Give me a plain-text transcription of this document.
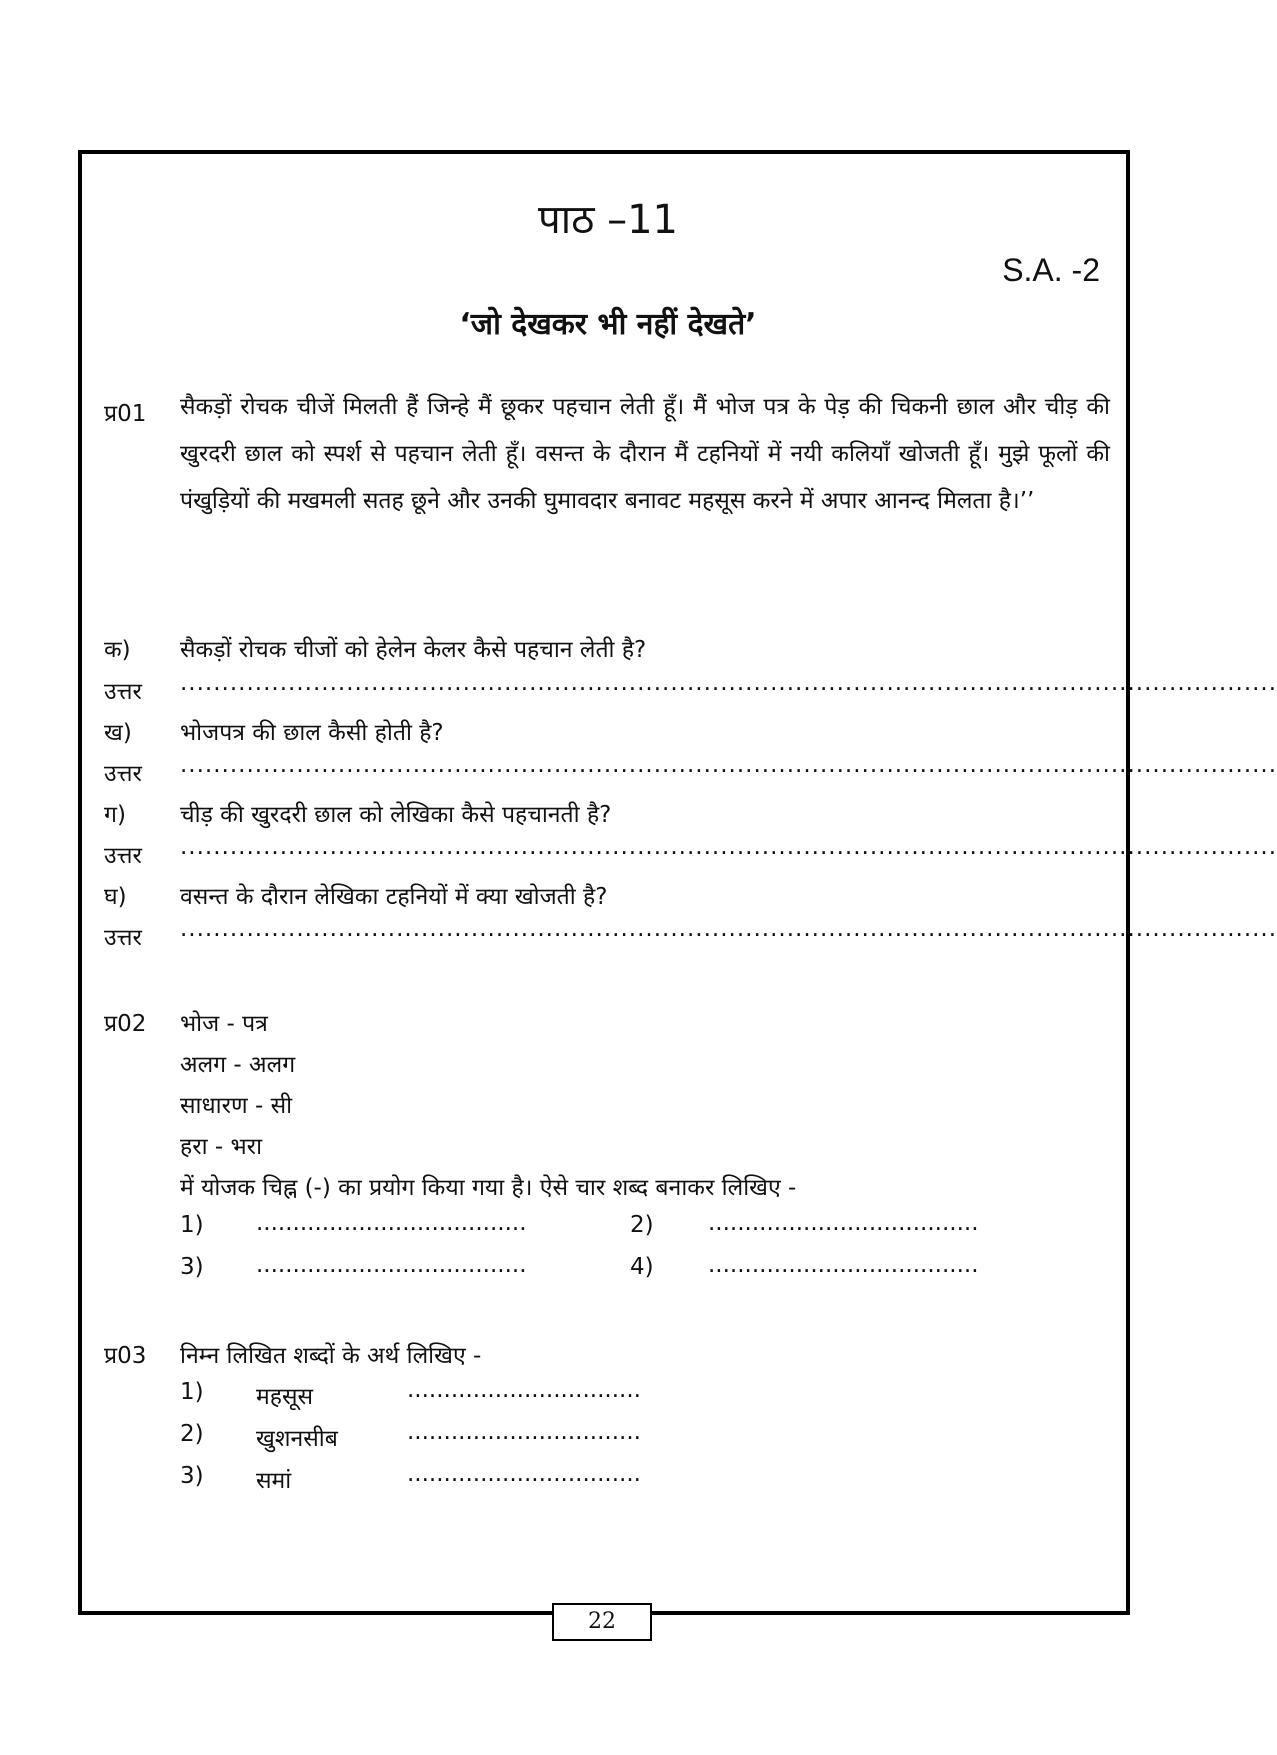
पाठ –11
S.A. -2
‘जो देखकर भी नहीं देखते’
प्र01 सैकड़ों रोचक चीजें मिलती हैं जिन्हे मैं छूकर पहचान लेती हूँ। मैं भोज पत्र के पेड़ की चिकनी छाल और चीड़ की खुरदरी छाल को स्पर्श से पहचान लेती हूँ। वसन्त के दौरान मैं टहनियों में नयी कलियाँ खोजती हूँ। मुझे फूलों की पंखुड़ियों की मखमली सतह छूने और उनकी घुमावदार बनावट महसूस करने में अपार आनन्द मिलता है।’’
क) सैकड़ों रोचक चीजों को हेलेन केलर कैसे पहचान लेती है?
उत्तर ....................................................................................................................................
ख) भोजपत्र की छाल कैसी होती है?
उत्तर ....................................................................................................................................
ग) चीड़ की खुरदरी छाल को लेखिका कैसे पहचानती है?
उत्तर ....................................................................................................................................
घ) वसन्त के दौरान लेखिका टहनियों में क्या खोजती है?
उत्तर ....................................................................................................................................
प्र02 भोज - पत्र
अलग - अलग
साधारण - सी
हरा - भरा
में योजक चिह्न (-) का प्रयोग किया गया है। ऐसे चार शब्द बनाकर लिखिए -
1) .....................................	2) .....................................
3) .....................................	4) .....................................
प्र03 निम्न लिखित शब्दों के अर्थ लिखिए -
1) महसूस	................................
2) खुशनसीब	................................
3) समां	................................
22
